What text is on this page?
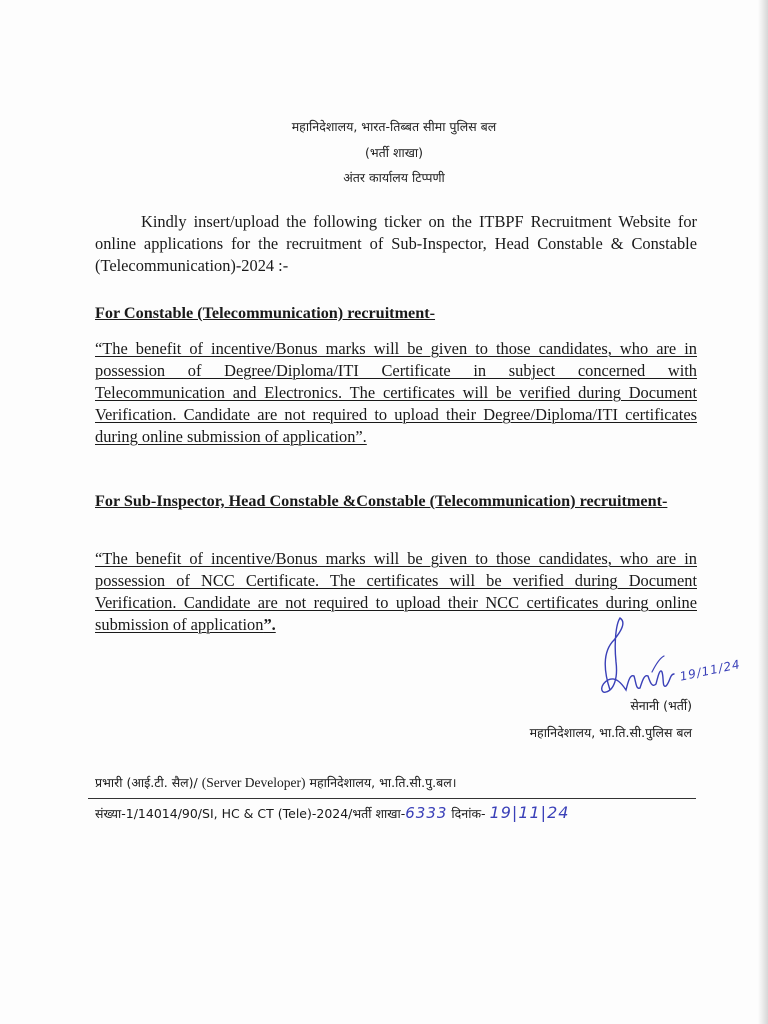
महानिदेशालय, भारत-तिब्बत सीमा पुलिस बल
(भर्ती शाखा)
अंतर कार्यालय टिप्पणी
Kindly insert/upload the following ticker on the ITBPF Recruitment Website for online applications for the recruitment of Sub-Inspector, Head Constable & Constable (Telecommunication)-2024 :-
For Constable (Telecommunication) recruitment-
“The benefit of incentive/Bonus marks will be given to those candidates, who are in possession of Degree/Diploma/ITI Certificate in subject concerned with Telecommunication and Electronics. The certificates will be verified during Document Verification. Candidate are not required to upload their Degree/Diploma/ITI certificates during online submission of application”.
For Sub-Inspector, Head Constable &Constable (Telecommunication) recruitment-
“The benefit of incentive/Bonus marks will be given to those candidates, who are in possession of NCC Certificate. The certificates will be verified during Document Verification. Candidate are not required to upload their NCC certificates during online submission of application”.
19/11/24
सेनानी (भर्ती)
महानिदेशालय, भा.ति.सी.पुलिस बल
प्रभारी (आई.टी. सैल)/ (Server Developer) महानिदेशालय, भा.ति.सी.पु.बल।
संख्या-1/14014/90/SI, HC & CT (Tele)-2024/भर्ती शाखा-6333 दिनांक- 19|11|24
